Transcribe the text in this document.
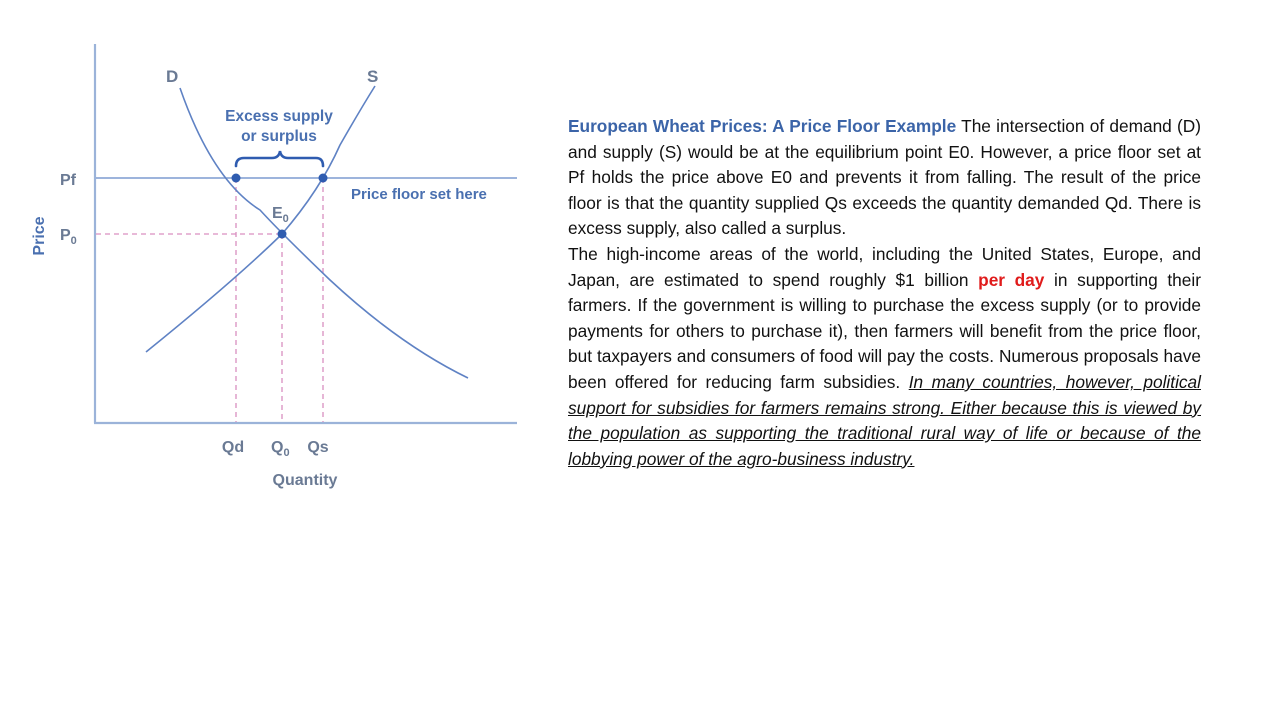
D	S
Excess supply
or surplus
Price floor set here
$E_0$
Pf
$P_0$
Qd $Q_0$ Qs
Quantity
Price

European Wheat Prices: A Price Floor Example The intersection of demand (D) and supply (S) would be at the equilibrium point E0. However, a price floor set at Pf holds the price above E0 and prevents it from falling. The result of the price floor is that the quantity supplied Qs exceeds the quantity demanded Qd. There is excess supply, also called a surplus.

The high-income areas of the world, including the United States, Europe, and Japan, are estimated to spend roughly $1 billion per day in supporting their farmers. If the government is willing to purchase the excess supply (or to provide payments for others to purchase it), then farmers will benefit from the price floor, but taxpayers and consumers of food will pay the costs. Numerous proposals have been offered for reducing farm subsidies. In many countries, however, political support for subsidies for farmers remains strong. Either because this is viewed by the population as supporting the traditional rural way of life or because of the lobbying power of the agro-business industry.
